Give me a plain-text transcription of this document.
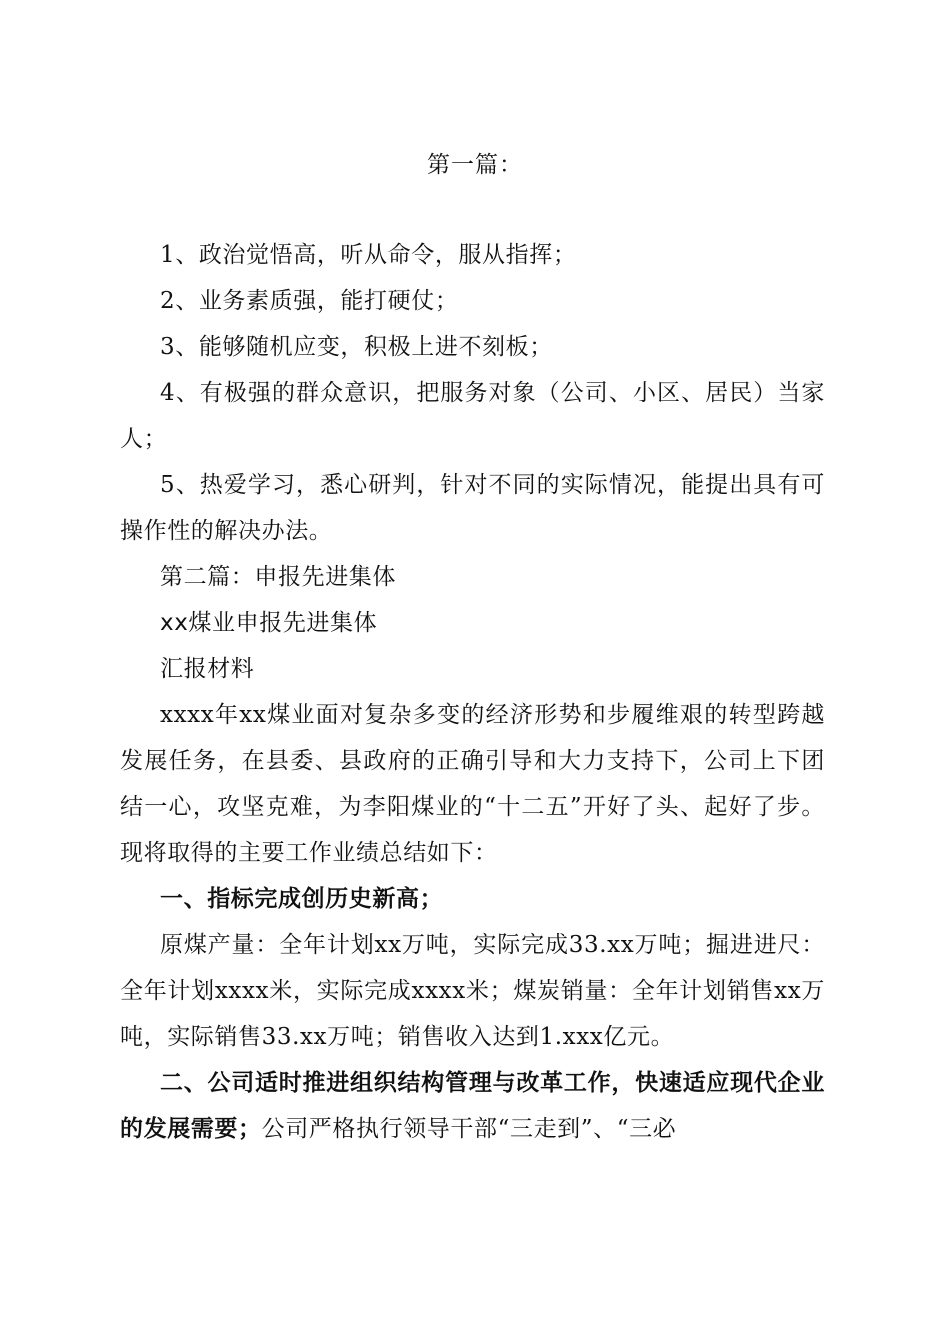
第一篇：

1、政治觉悟高，听从命令，服从指挥；

2、业务素质强，能打硬仗；

3、能够随机应变，积极上进不刻板；

4、有极强的群众意识，把服务对象（公司、小区、居民）当家人；

5、热爱学习，悉心研判，针对不同的实际情况，能提出具有可操作性的解决办法。

第二篇：申报先进集体

xx煤业申报先进集体

汇报材料

xxxx年xx煤业面对复杂多变的经济形势和步履维艰的转型跨越发展任务，在县委、县政府的正确引导和大力支持下，公司上下团结一心，攻坚克难，为李阳煤业的“十二五”开好了头、起好了步。现将取得的主要工作业绩总结如下：

一、指标完成创历史新高；

原煤产量：全年计划xx万吨，实际完成33.xx万吨；掘进进尺：全年计划xxxx米，实际完成xxxx米；煤炭销量：全年计划销售xx万吨，实际销售33.xx万吨；销售收入达到1.xxx亿元。

二、公司适时推进组织结构管理与改革工作，快速适应现代企业的发展需要；公司严格执行领导干部“三走到”、“三必
